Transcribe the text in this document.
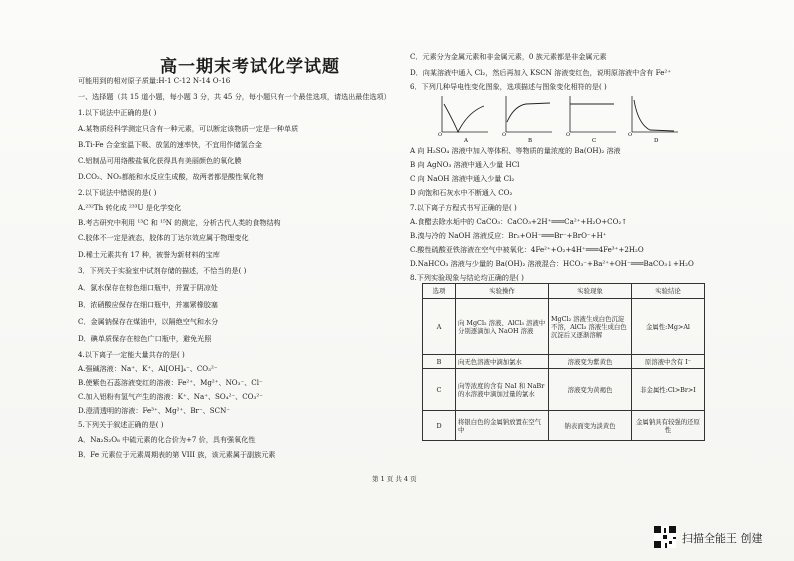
高一期末考试化学试题
可能用到的相对原子质量:H-1 C-12 N-14 O-16
一、选择题（共 15 道小题，每小题 3 分，共 45 分，每小题只有一个最佳选项，请选出最佳选项）
1.以下说法中正确的是( )
A.某物质经科学测定只含有一种元素，可以断定该物质一定是一种单质
B.Ti-Fe 合金室温下吸、放氢的速率快，不宜用作储氢合金
C.铝制品可用络酸盐氧化获得具有美丽颜色的氧化膜
D.CO₂、NO₂都能和水反应生成酸，故两者都是酸性氧化物
2.以下说法中错误的是( )
A.²³²Th 转化成 ²³³U 是化学变化
B.考古研究中利用 ¹³C 和 ¹⁵N 的测定，分析古代人类的食物结构
C.胶体不一定是液态，胶体的丁达尔效应属于物理变化
D.稀土元素共有 17 种，被誉为新材料的宝库
3．下列关于实验室中试剂存储的描述，不恰当的是( )
A．氯水保存在棕色细口瓶中，并置于阴凉处
B．浓硝酸应保存在细口瓶中，并塞紧橡胶塞
C．金属钠保存在煤油中，以隔绝空气和水分
D．碘单质保存在棕色广口瓶中，避免光照
4.以下离子一定能大量共存的是( )
A.强碱溶液：Na⁺、K⁺、Al[OH]₄⁻、CO₃²⁻
B.使紫色石蕊溶液变红的溶液：Fe²⁺、Mg²⁺、NO₃⁻、Cl⁻
C.加入铝粉有氢气产生的溶液：K⁺、Na⁺、SO₄²⁻、CO₃²⁻
D.澄清透明的溶液：Fe³⁺、Mg²⁺、Br⁻、SCN⁻
5.下列关于叙述正确的是( )
A．Na₂S₂O₈ 中硫元素的化合价为+7 价，具有强氧化性
B．Fe 元素位于元素周期表的第 VIII 族，该元素属于副族元素
C．元素分为金属元素和非金属元素，0 族元素都是非金属元素
D．向某溶液中通入 Cl₂，然后再加入 KSCN 溶液变红色，说明原溶液中含有 Fe²⁺
6．下列几种导电性变化图象，选项描述与图象变化相符的是( )
O
A
O
B
O
C
O
D
A 向 H₂SO₄ 溶液中加入等体积、等物质的量浓度的 Ba(OH)₂ 溶液
B 向 AgNO₃ 溶液中通入少量 HCl
C 向 NaOH 溶液中通入少量 Cl₂
D 向饱和石灰水中不断通入 CO₂
7.以下离子方程式书写正确的是( )
A.食醋去除水垢中的 CaCO₃：CaCO₃+2H⁺═══Ca²⁺+H₂O+CO₂↑
B.溴与冷的 NaOH 溶液反应：Br₂+OH⁻═══Br⁻+BrO⁻+H⁺
C.酸性硫酸亚铁溶液在空气中被氧化：4Fe²⁺+O₂+4H⁺═══4Fe³⁺+2H₂O
D.NaHCO₃ 溶液与少量的 Ba(OH)₂ 溶液混合：HCO₃⁻+Ba²⁺+OH⁻═══BaCO₃↓+H₂O
8.下列实验现象与结论均正确的是( )
选项	实验操作	实验现象	实验结论
A	向 MgCl₂ 溶液、AlCl₃ 溶液中分别逐滴加入 NaOH 溶液	MgCl₂ 溶液生成白色沉淀不溶，AlCl₃ 溶液生成白色沉淀后又逐渐溶解	金属性:Mg>Al
B	向无色溶液中滴加氯水	溶液变为紫黄色	原溶液中含有 I⁻
C	向等浓度的含有 NaI 和 NaBr 的水溶液中滴加过量的氯水	溶液变为黄褐色	非金属性:Cl>Br>I
D	将银白色的金属钠放置在空气中	钠表面变为淡黄色	金属钠具有较强的还原性
第 1 页 共 4 页
扫描全能王 创建
